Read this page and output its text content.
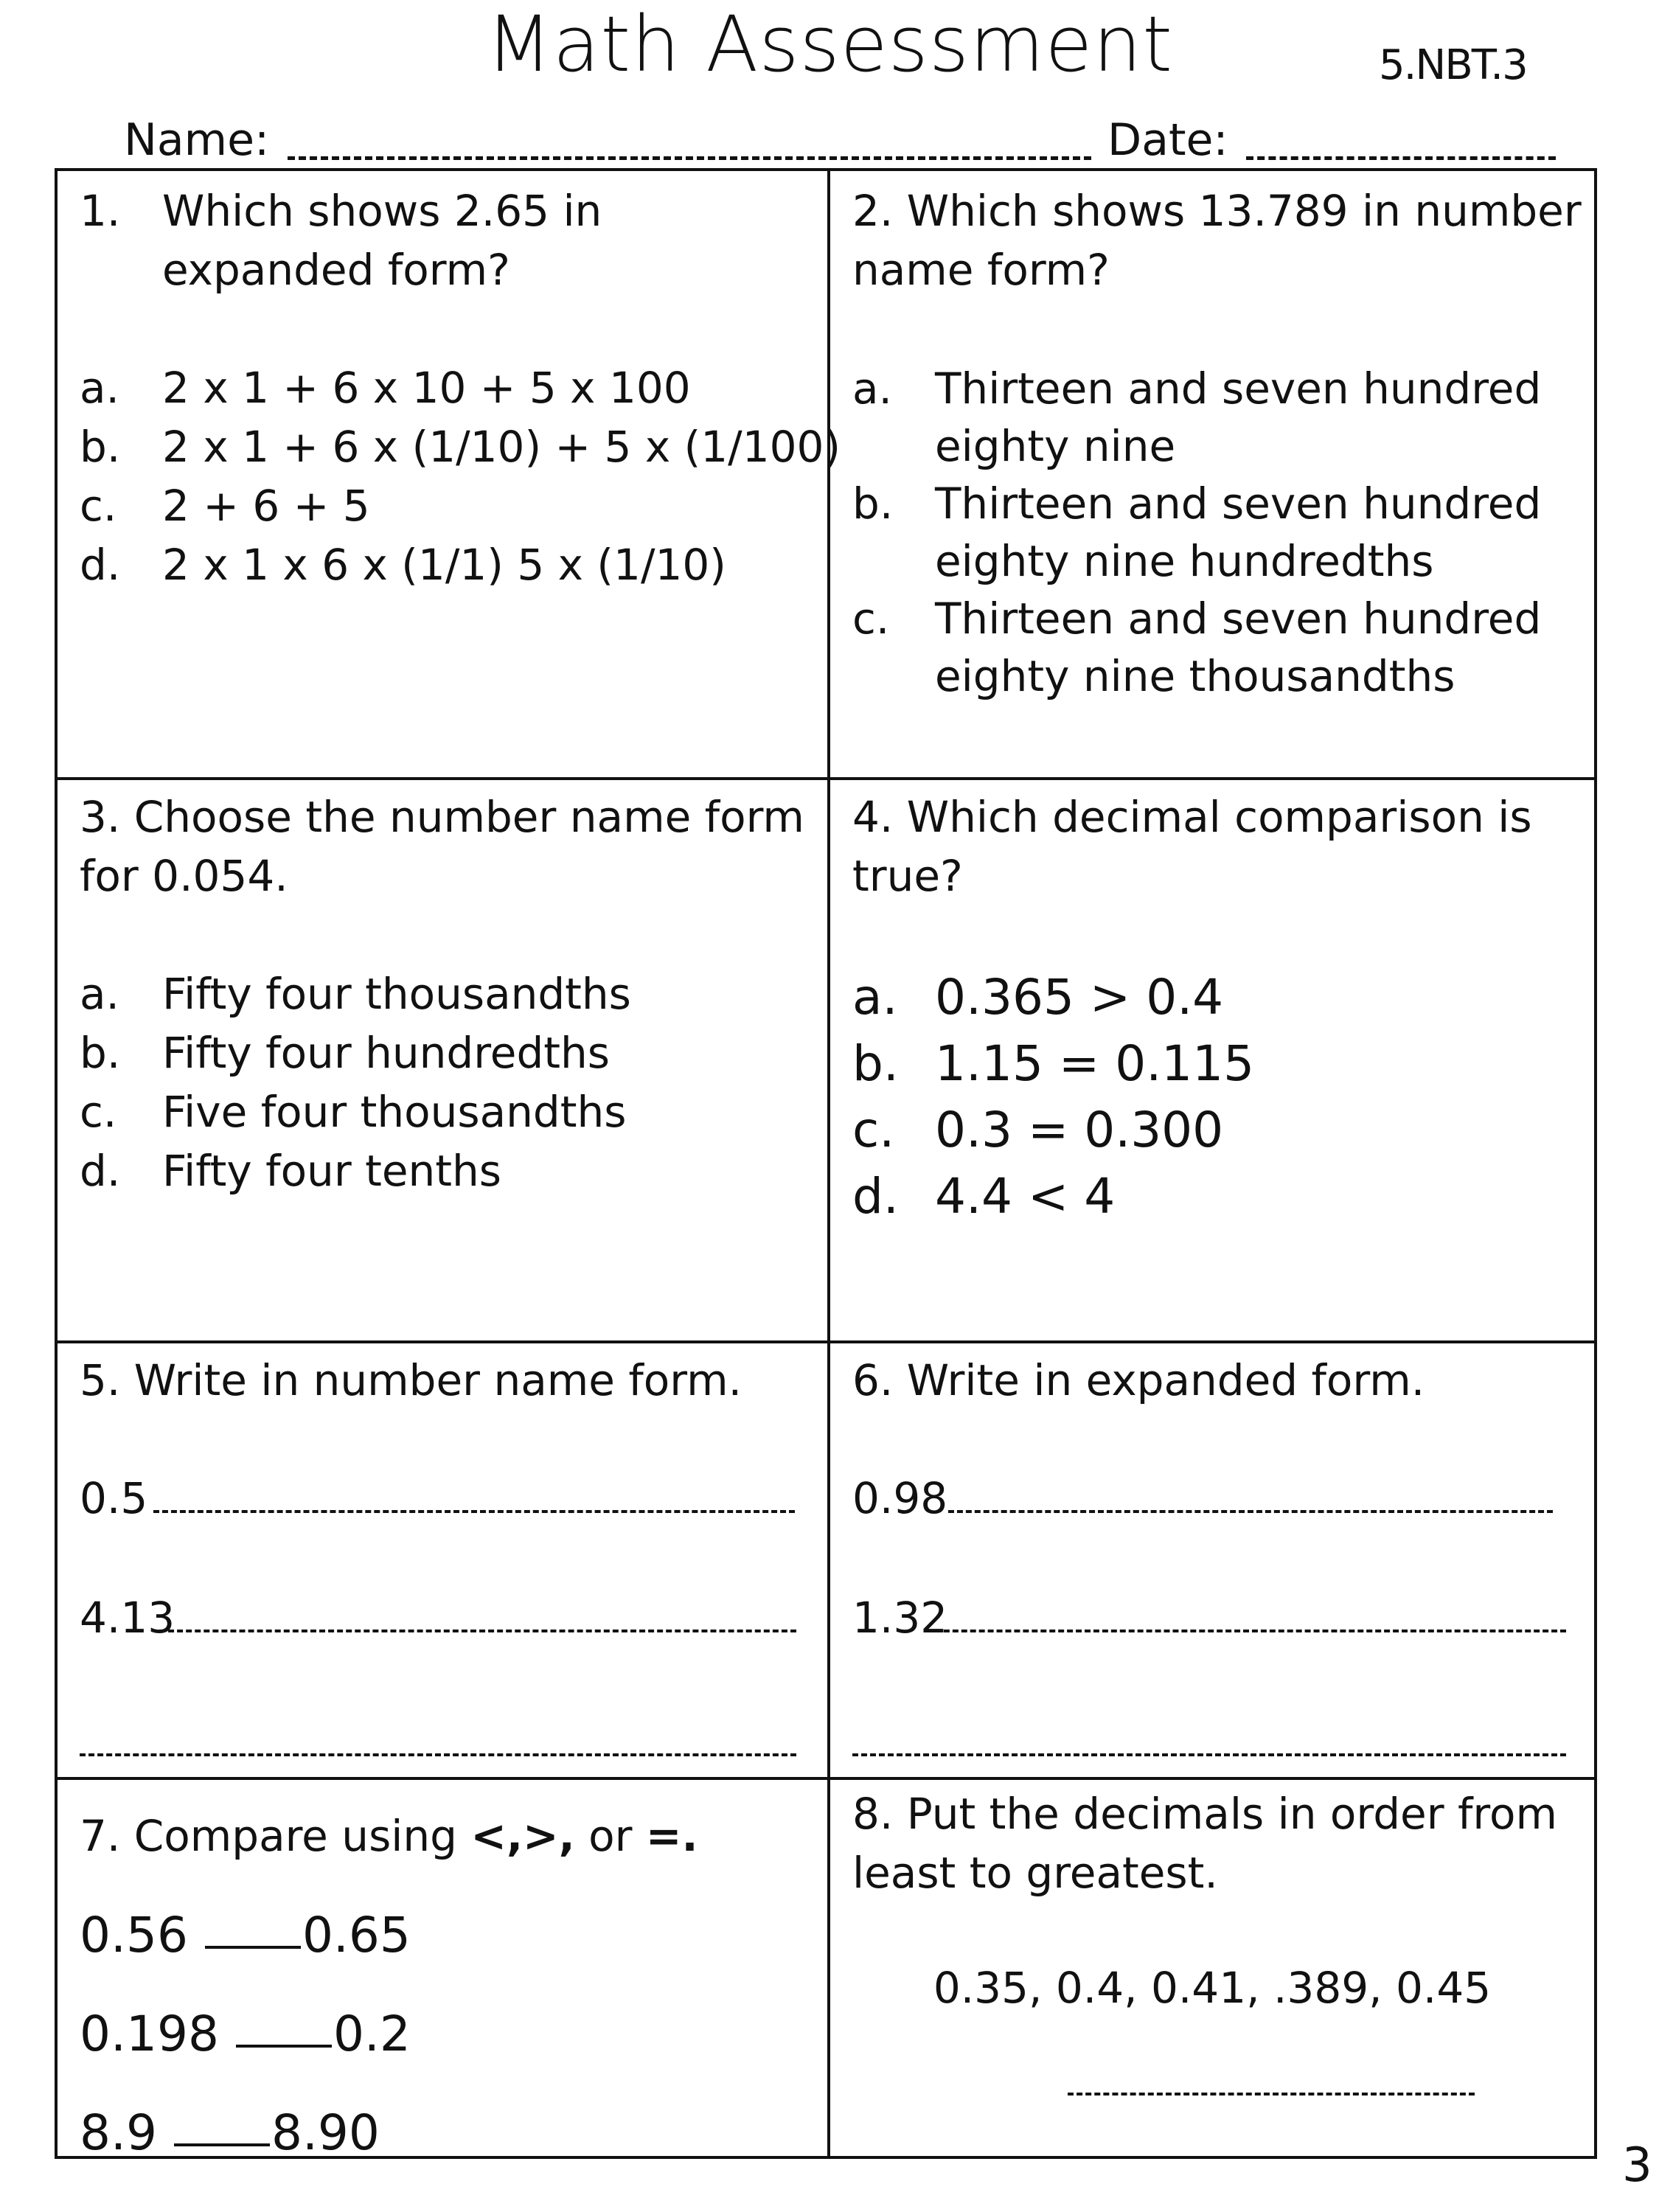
Math Assessment	5.NBT.3
Name:	Date:
1. Which shows 2.65 in
expanded form?
a. 2 x 1 + 6 x 10 + 5 x 100
b. 2 x 1 + 6 x (1/10) + 5 x (1/100)
c. 2 + 6 + 5
d. 2 x 1 x 6 x (1/1) 5 x (1/10)
2. Which shows 13.789 in number
name form?
a. Thirteen and seven hundred
eighty nine
b. Thirteen and seven hundred
eighty nine hundredths
c. Thirteen and seven hundred
eighty nine thousandths
3. Choose the number name form
for 0.054.
a. Fifty four thousandths
b. Fifty four hundredths
c. Five four thousandths
d. Fifty four tenths
4. Which decimal comparison is
true?
a. 0.365 > 0.4
b. 1.15 = 0.115
c. 0.3 = 0.300
d. 4.4 < 4
5. Write in number name form.
0.5
4.13
6. Write in expanded form.
0.98
1.32
7. Compare using <,>, or =.
0.56 0.65
0.198 0.2
8.9 8.90
8. Put the decimals in order from
least to greatest.
0.35, 0.4, 0.41, .389, 0.45
3
